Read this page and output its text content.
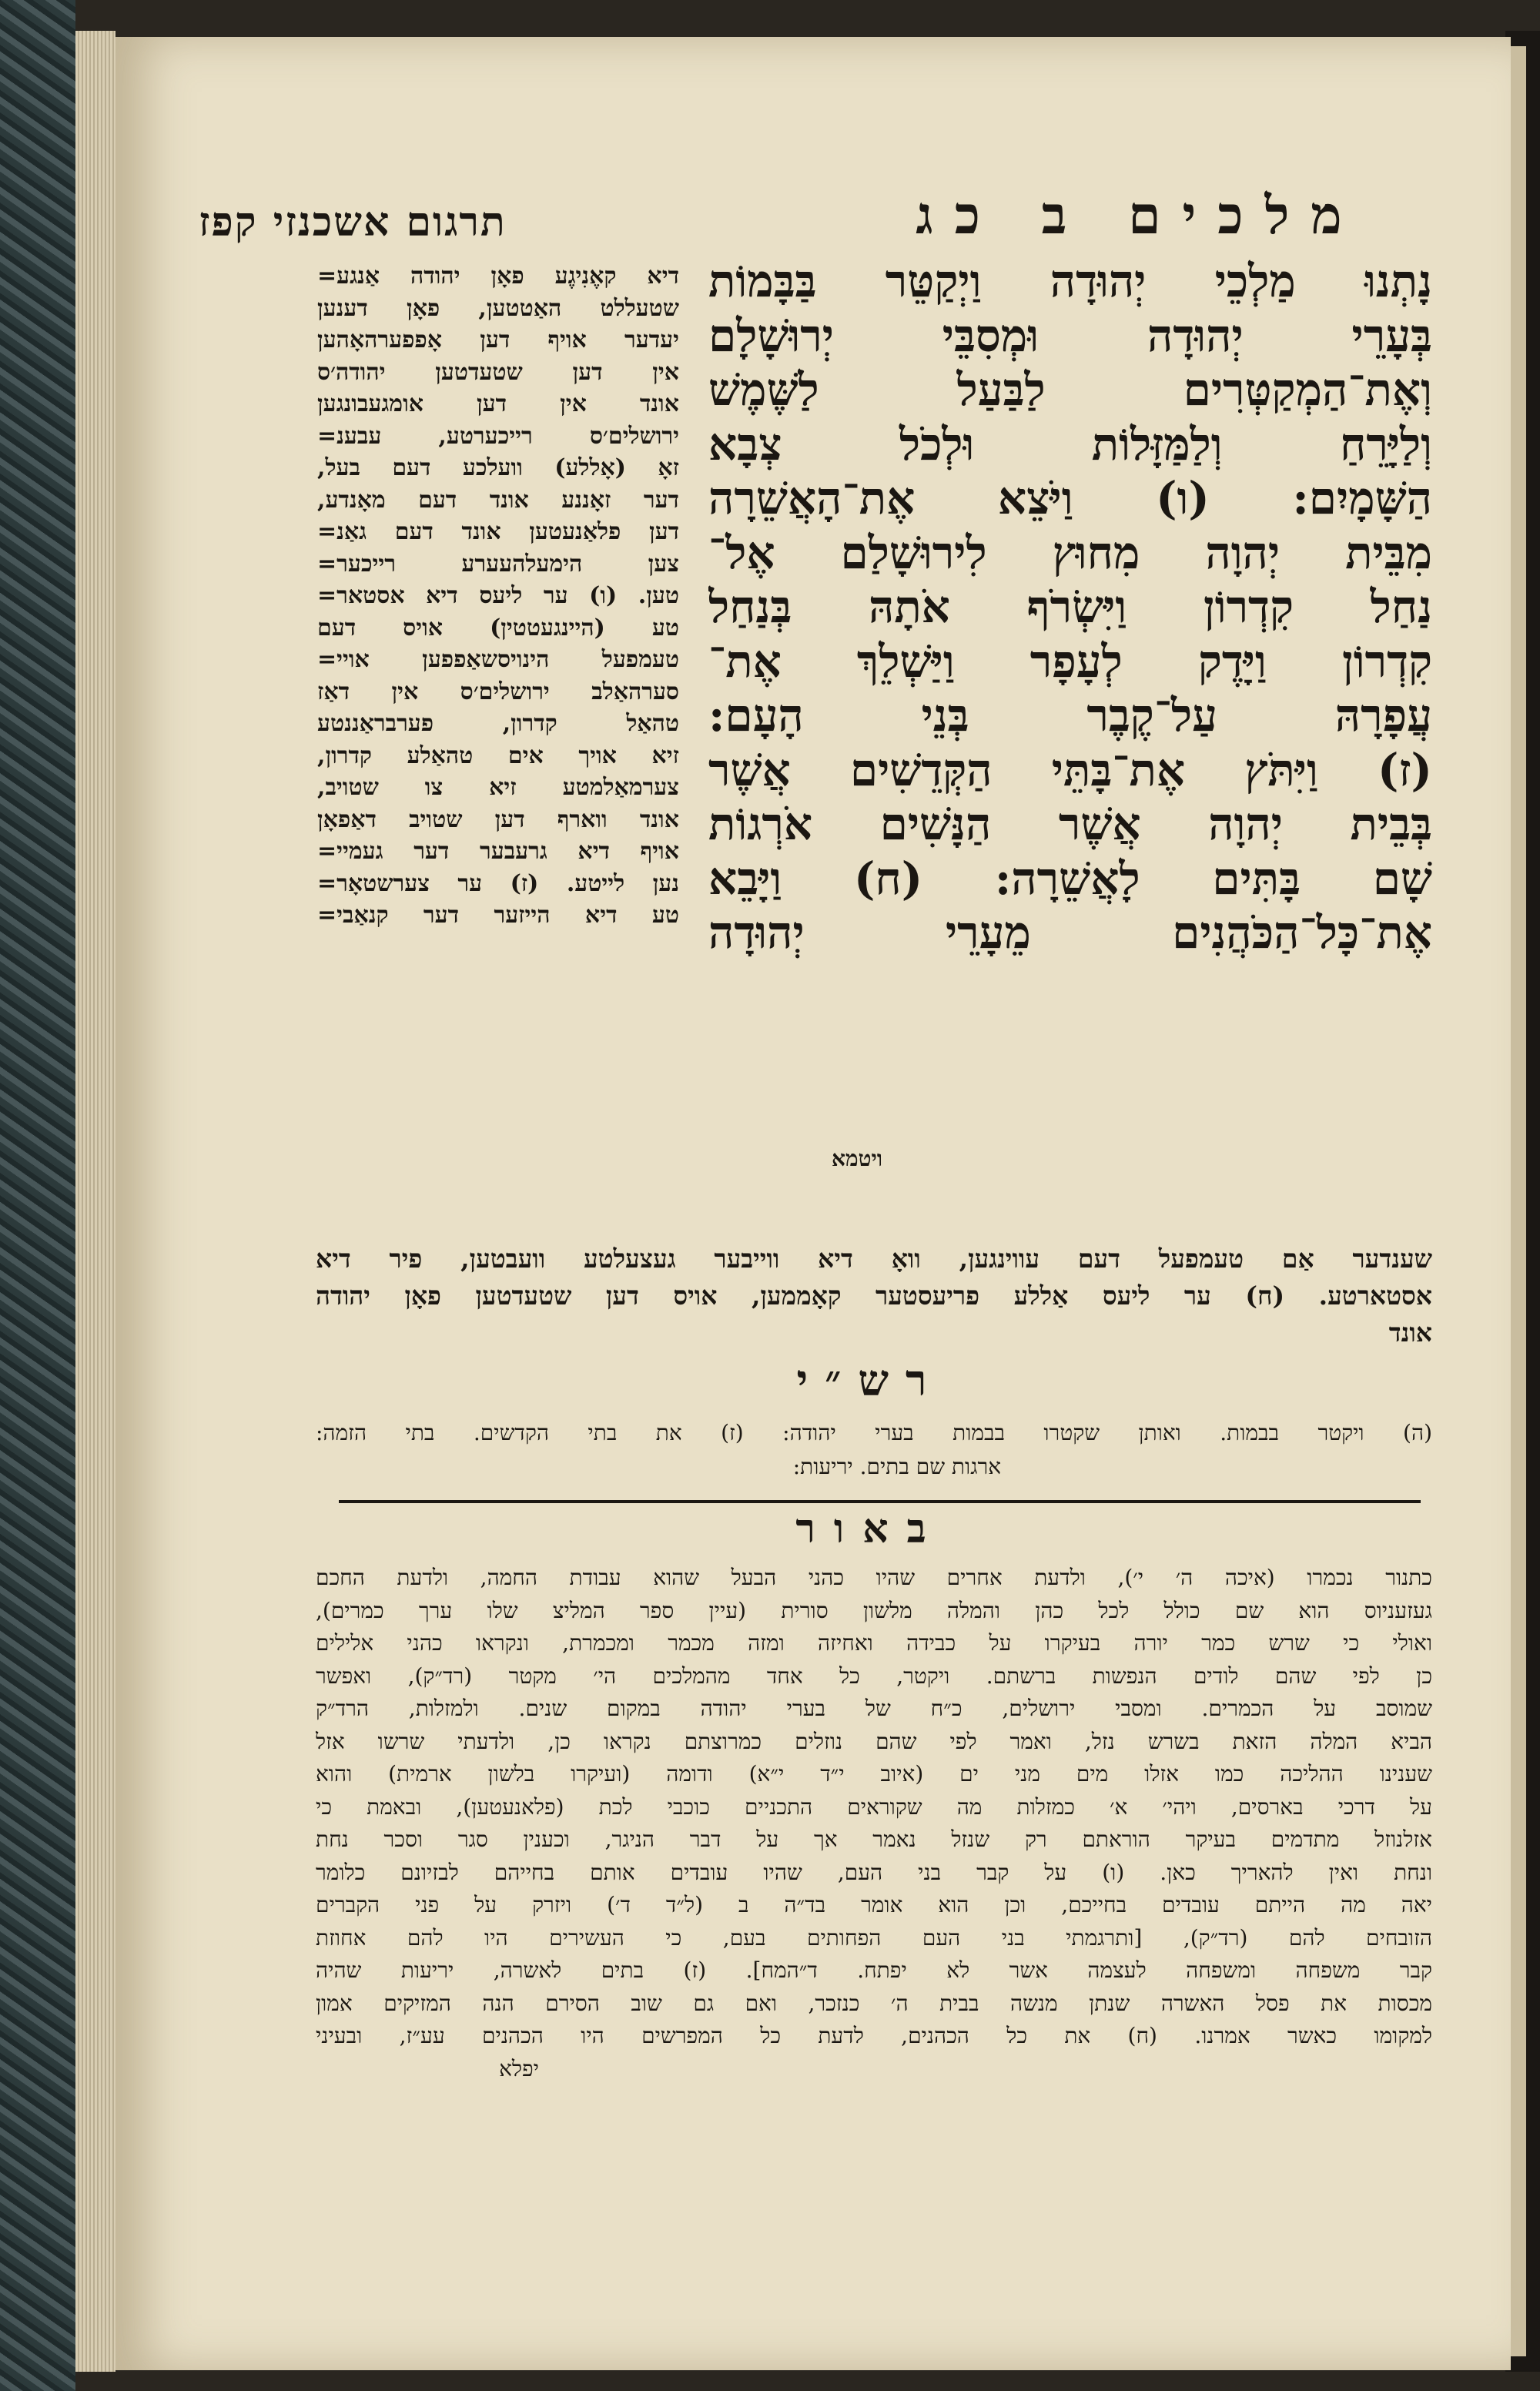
תרגום אשכנזי קפז	מלכים ב כג
נָתְנוּ מַלְכֵי יְהוּדָה וַיְקַטֵּר בַּבָּמוֹת
בְּעָרֵי יְהוּדָה וּמְסִבֵּי יְרוּשָׁלָם
וְאֶת־הַמְקַטְּרִים לַבַּעַל לַשֶּׁמֶשׁ
וְלַיָּרֵחַ וְלַמַּזָּלוֹת וּלְכֹל צְבָא
הַשָּׁמָיִם: (ו) וַיֹּצֵא אֶת־הָאֲשֵׁרָה
מִבֵּית יְהוָה מִחוּץ לִירוּשָׁלַם אֶל־
נַחַל קִדְרוֹן וַיִּשְׂרֹף אֹתָהּ בְּנַחַל
קִדְרוֹן וַיָּדֶק לְעָפָר וַיַּשְׁלֵךְ אֶת־
עֲפָרָהּ עַל־קֶבֶר בְּנֵי הָעָם:
(ז) וַיִּתֹּץ אֶת־בָּתֵּי הַקְּדֵשִׁים אֲשֶׁר
בְּבֵית יְהוָה אֲשֶׁר הַנָּשִׁים אֹרְגוֹת
שָׁם בָּתִּים לָאֲשֵׁרָה: (ח) וַיָּבֵא
אֶת־כָּל־הַכֹּהֲנִים מֵעָרֵי יְהוּדָה
ויטמא
דיא קאֶנִיגֶע פאָן יהודה אַנגע=
שטעללט האַטטען, פאָן דענען
יעדער אויף דען אָפפערהאָהען
אין דען שטעדטען יהודה׳ס
אונד אין דען אומגעבונגען
ירושלים׳ס רייכערטע, עבענ=
זאָ (אָללע) וועלכע דעם בעל,
דער זאָננע אונד דעם מאָנדע,
דען פלאַנעטען אונד דעם גאַנ=
צען הימעלהעערע רייכער=
טען. (ו) ער ליעס דיא אסטאר=
טע (היינגעטטין) אויס דעם
טעמפעל הינויסשאַפפען אויי=
סערהאַלב ירושלים׳ס אין דאַז
טהאַל קדרון, פערבראַננטע
זיא אויך אים טהאַלע קדרון,
צערמאַלמטע זיא צו שטויב,
אונד ווארף דען שטויב דאַפאָן
אויף דיא גרעבער דער געמיי=
נען לייטע. (ז) ער צערשטאָר=
טע דיא הייזער דער קנאַבי=
שענדער אַם טעמפעל דעם עווינגען, וואָ דיא ווייבער געצעלטע וועבטען, פיר דיא
אסטארטע. (ח) ער ליעס אַללע פריעסטער קאָממען, אויס דען שטעדטען פאָן יהודה
אונד
רש״י
(ה) ויקטר בבמות. ואותן שקטרו בבמות בערי יהודה: (ז) את בתי הקדשים. בתי הזמה:
ארגות שם בתים. יריעות:
באור
כתנור נכמרו (איכה ה׳ י׳), ולדעת אחרים שהיו כהני הבעל שהוא עבודת החמה, ולדעת החכם
געזעניוס הוא שם כולל לכל כהן והמלה מלשון סורית (עיין ספר המליצ שלו ערך כמרים),
ואולי כי שרש כמר יורה בעיקרו על כבידה ואחיזה ומזה מכמר ומכמרת, ונקראו כהני אלילים
כן לפי שהם לודים הנפשות ברשתם. ויקטר, כל אחד מהמלכים הי׳ מקטר (רד״ק), ואפשר
שמוסב על הכמרים. ומסבי ירושלים, כ״ח של בערי יהודה במקום שנים. ולמזלות, הרד״ק
הביא המלה הזאת בשרש נזל, ואמר לפי שהם נוזלים כמרוצתם נקראו כן, ולדעתי שרשו אזל
שענינו ההליכה כמו אזלו מים מני ים (איוב י״ד י״א) ודומה (ועיקרו בלשון ארמית) והוא
על דרכי בארסים, ויהי׳ א׳ כמזלות מה שקוראים התכניים כוכבי לכת (פלאנעטען), ובאמת כי
אזלנוזל מתדמים בעיקר הוראתם רק שנזל נאמר אך על דבר הניגר, וכענין סגר וסכר נחת
ונחת ואין להאריך כאן. (ו) על קבר בני העם, שהיו עובדים אותם בחייהם לבזיונם כלומר
יאה מה הייתם עובדים בחייכם, וכן הוא אומר בד״ה ב (ל״ד ד׳) ויזרק על פני הקברים
הזובחים להם (רד״ק), [ותרגמתי בני העם הפחותים בעם, כי העשירים היו להם אחוזת
קבר משפחה ומשפחה לעצמה אשר לא יפתח. ד״המח]. (ז) בתים לאשרה, יריעות שהיה
מכסות את פסל האשרה שנתן מנשה בבית ה׳ כנזכר, ואם גם שוב הסירם הנה המזיקים אמון
למקומו כאשר אמרנו. (ח) את כל הכהנים, לדעת כל המפרשים היו הכהנים עע״ז, ובעיני
יפלא
